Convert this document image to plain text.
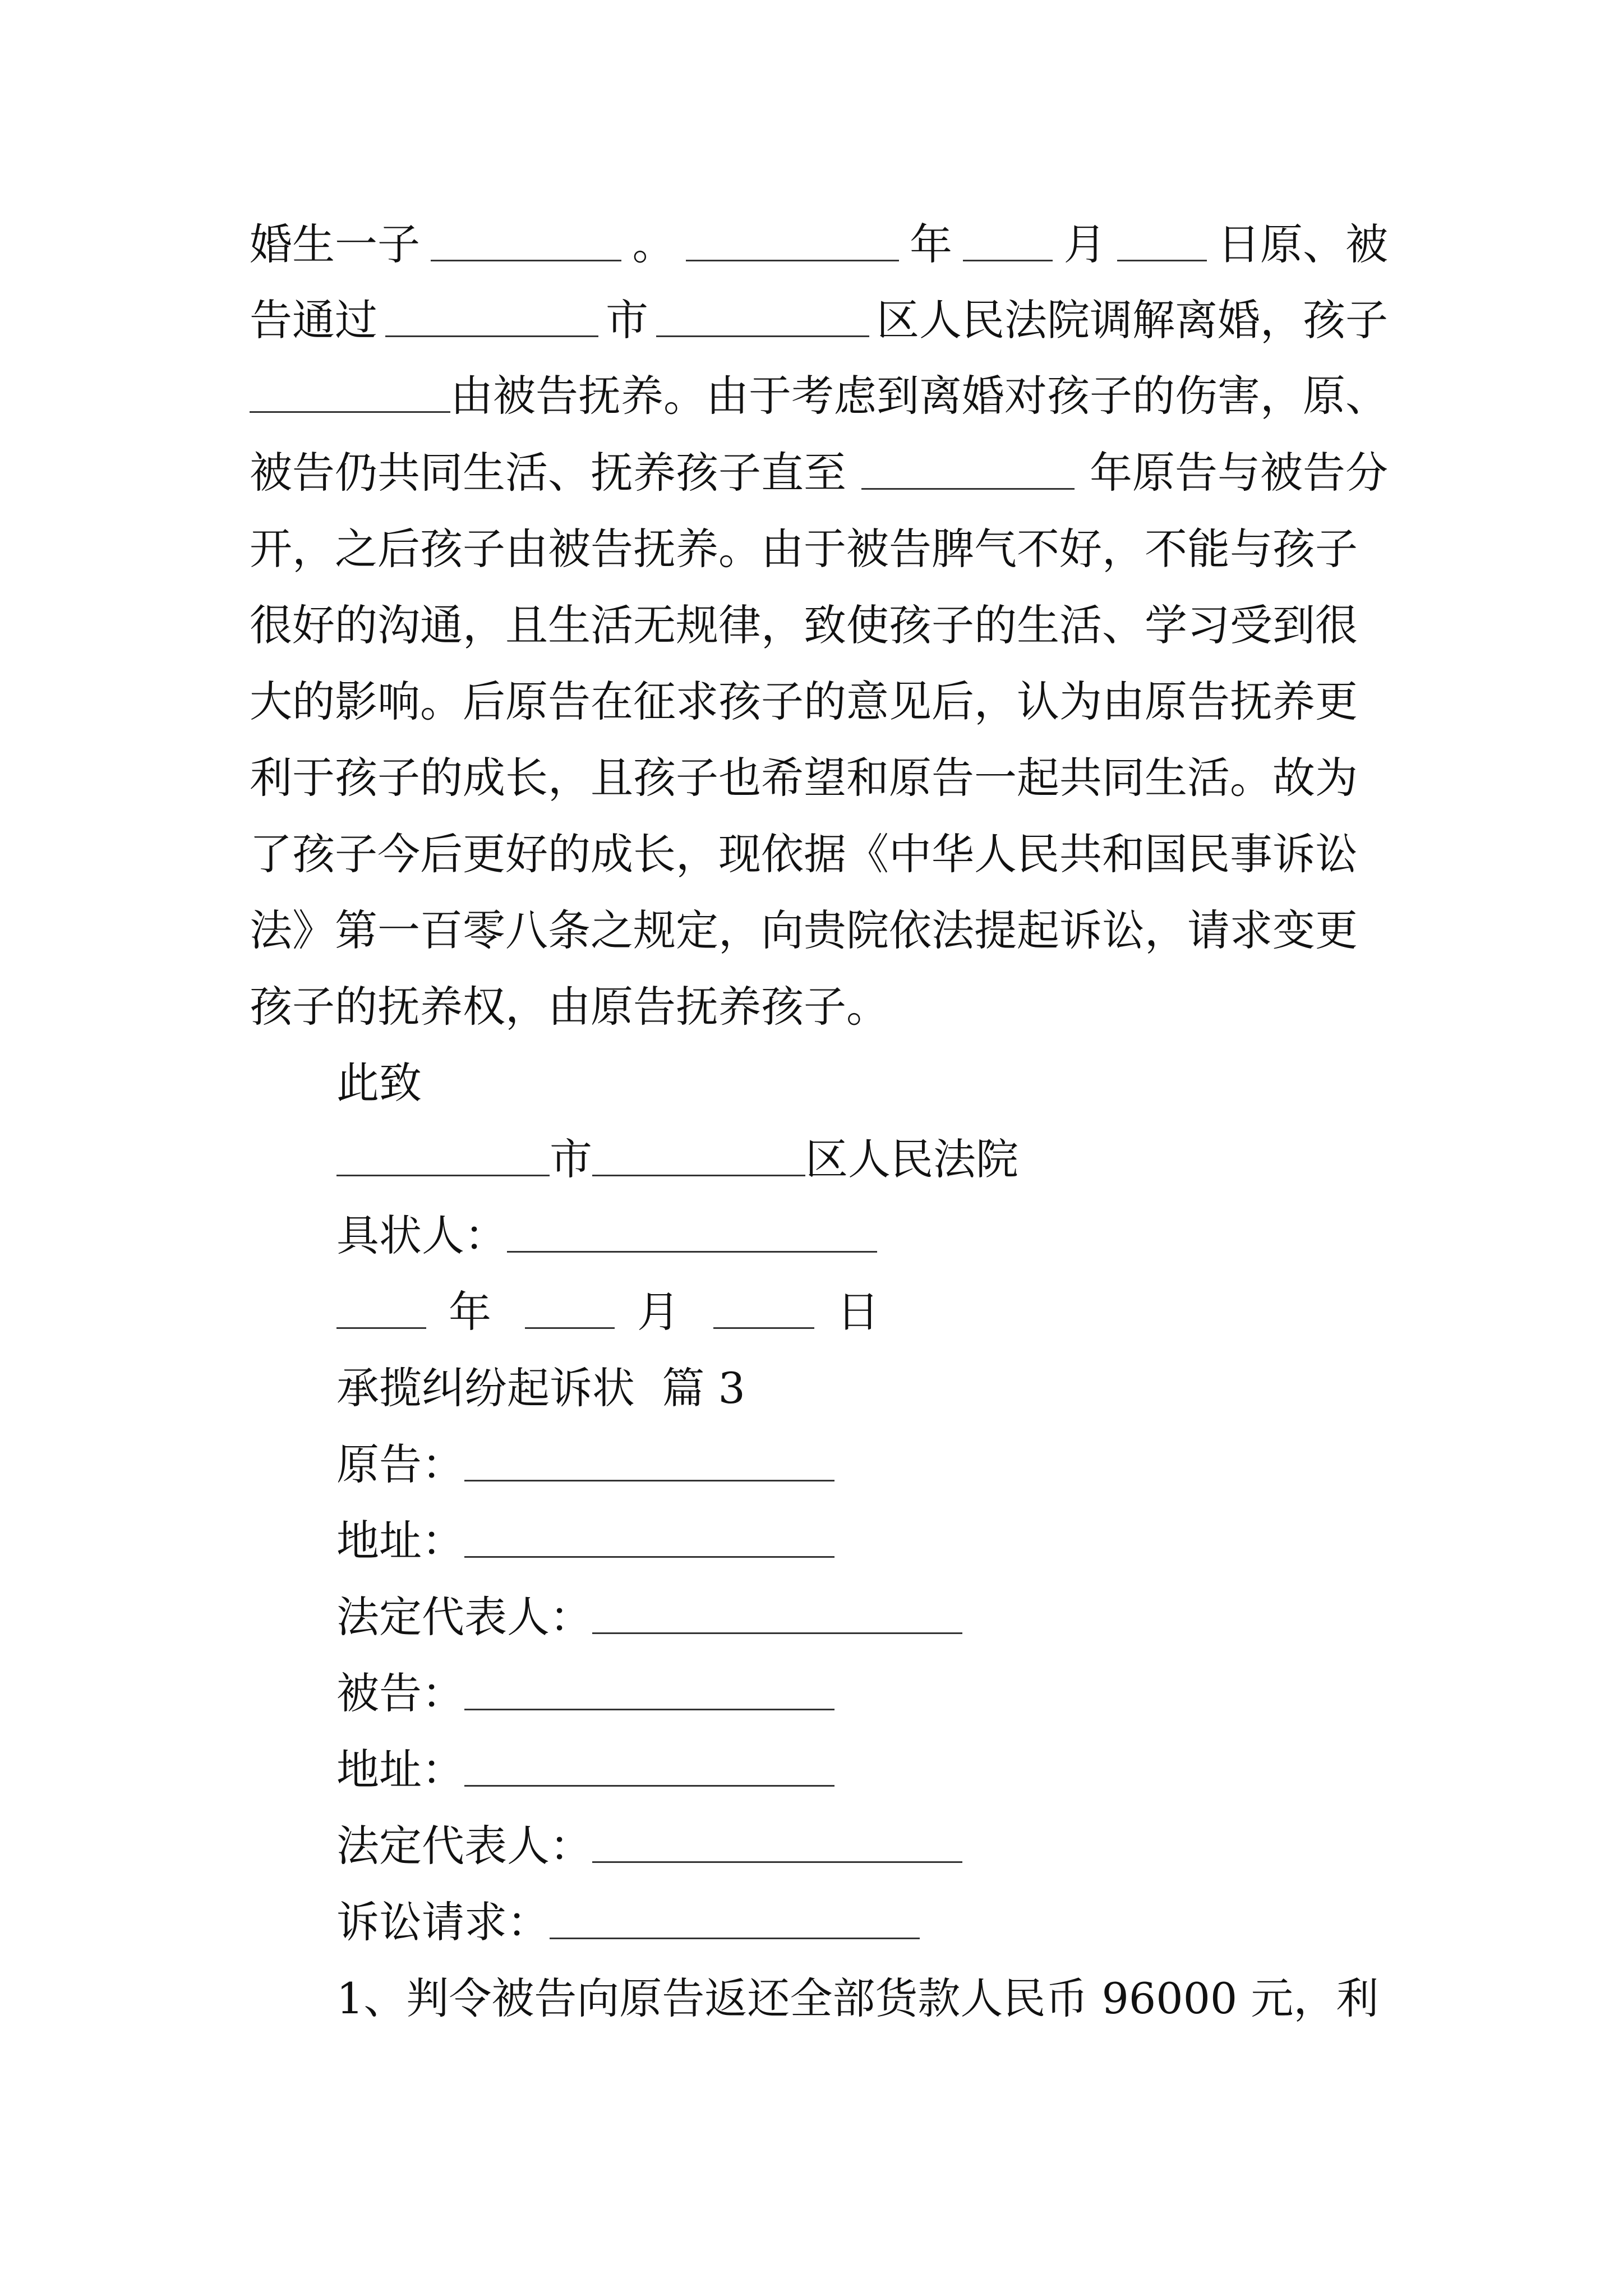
婚生一子	。	年	月	日原、被
告通过	市	区人民法院调解离婚，孩子
由被告抚养。由于考虑到离婚对孩子的伤害，原、
被告仍共同生活、抚养孩子直至	年原告与被告分
开，之后孩子由被告抚养。由于被告脾气不好，不能与孩子
很好的沟通，且生活无规律，致使孩子的生活、学习受到很
大的影响。后原告在征求孩子的意见后，认为由原告抚养更
利于孩子的成长，且孩子也希望和原告一起共同生活。故为
了孩子今后更好的成长，现依据《中华人民共和国民事诉讼
法》第一百零八条之规定，向贵院依法提起诉讼，请求变更
孩子的抚养权，由原告抚养孩子。
此致
市	区人民法院
具状人：
年	月	日
承揽纠纷起诉状  篇 3
原告：
地址：
法定代表人：
被告：
地址：
法定代表人：
诉讼请求：
1、判令被告向原告返还全部货款人民币 96000 元，利
